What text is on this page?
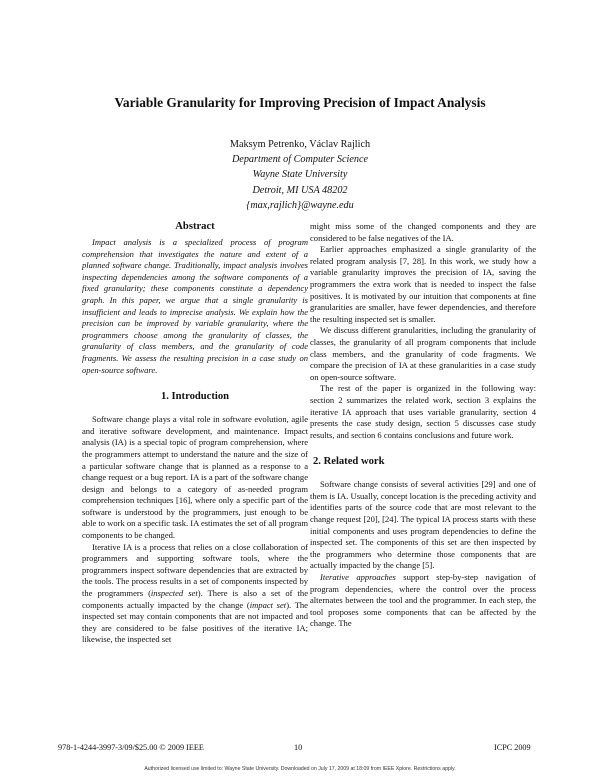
Variable Granularity for Improving Precision of Impact Analysis
Maksym Petrenko, Václav Rajlich
Department of Computer Science
Wayne State University
Detroit, MI USA 48202
{max,rajlich}@wayne.edu
Abstract

Impact analysis is a specialized process of program comprehension that investigates the nature and extent of a planned software change. Traditionally, impact analysis involves inspecting dependencies among the software components of a fixed granularity; these components constitute a dependency graph. In this paper, we argue that a single granularity is insufficient and leads to imprecise analysis. We explain how the precision can be improved by variable granularity, where the programmers choose among the granularity of classes, the granularity of class members, and the granularity of code fragments. We assess the resulting precision in a case study on open-source software.

1. Introduction

Software change plays a vital role in software evolution, agile and iterative software development, and maintenance. Impact analysis (IA) is a special topic of program comprehension, where the programmers attempt to understand the nature and the size of a particular software change that is planned as a response to a change request or a bug report. IA is a part of the software change design and belongs to a category of as-needed program comprehension techniques [16], where only a specific part of the software is understood by the programmers, just enough to be able to work on a specific task. IA estimates the set of all program components to be changed.

Iterative IA is a process that relies on a close collaboration of programmers and supporting software tools, where the programmers inspect software dependencies that are extracted by the tools. The process results in a set of components inspected by the programmers (inspected set). There is also a set of the components actually impacted by the change (impact set). The inspected set may contain components that are not impacted and they are considered to be false positives of the iterative IA; likewise, the inspected set

might miss some of the changed components and they are considered to be false negatives of the IA.

Earlier approaches emphasized a single granularity of the related program analysis [7, 28]. In this work, we study how a variable granularity improves the precision of IA, saving the programmers the extra work that is needed to inspect the false positives. It is motivated by our intuition that components at fine granularities are smaller, have fewer dependencies, and therefore the resulting inspected set is smaller.

We discuss different granularities, including the granularity of classes, the granularity of all program components that include class members, and the granularity of code fragments. We compare the precision of IA at these granularities in a case study on open-source software.

The rest of the paper is organized in the following way: section 2 summarizes the related work, section 3 explains the iterative IA approach that uses variable granularity, section 4 presents the case study design, section 5 discusses case study results, and section 6 contains conclusions and future work.

2. Related work

Software change consists of several activities [29] and one of them is IA. Usually, concept location is the preceding activity and identifies parts of the source code that are most relevant to the change request [20], [24]. The typical IA process starts with these initial components and uses program dependencies to define the inspected set. The components of this set are then inspected by the programmers who determine those components that are actually impacted by the change [5].

Iterative approaches support step-by-step navigation of program dependencies, where the control over the process alternates between the tool and the programmer. In each step, the tool proposes some components that can be affected by the change. The

978-1-4244-3997-3/09/$25.00 © 2009 IEEE	10	ICPC 2009
Authorized licensed use limited to: Wayne State University. Downloaded on July 17, 2009 at 18:09 from IEEE Xplore. Restrictions apply.
